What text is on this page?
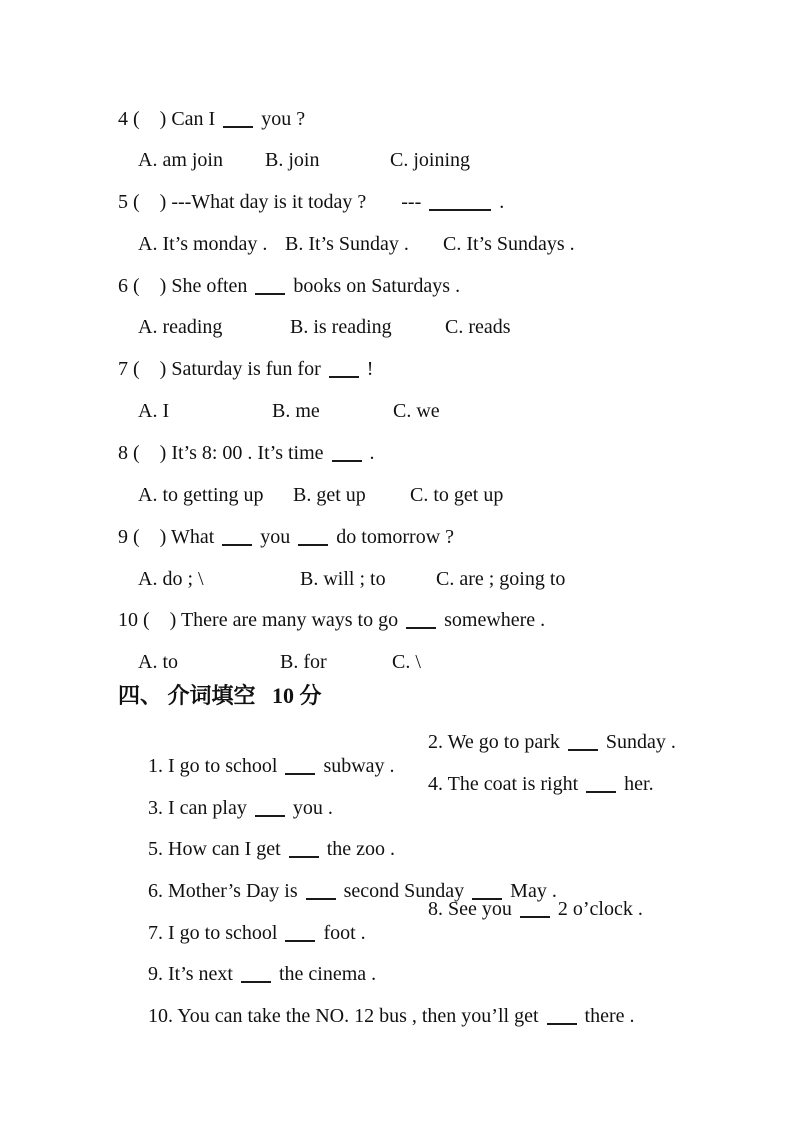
4 (    ) Can I you ?

A. am join

B. join

	C. joining

5 (    ) ---What day is it today ?       ---	.

A. It’s monday .

B. It’s Sunday .

C. It’s Sundays .

6 (    ) She often books on Saturdays .

A. reading

	B. is reading

	C. reads

7 (    ) Saturday is fun for !

A. I

	B. me

	C. we

8 (    ) It’s 8: 00 . It’s time .

A. to getting up

B. get up

C. to get up

9 (    ) What you do tomorrow ?

A. do ; \

	B. will ; to

	C. are ; going to

10 (    ) There are many ways to go somewhere .

A. to

	B. for

	C. \

四、 介词填空   10 分

1. I go to school subway .

2. We go to park Sunday .

3. I can play you .

4. The coat is right her.

5. How can I get the zoo .

6. Mother’s Day is second Sunday May .

7. I go to school foot .

8. See you 2 o’clock .

9. It’s next the cinema .

10. You can take the NO. 12 bus , then you’ll get there .
